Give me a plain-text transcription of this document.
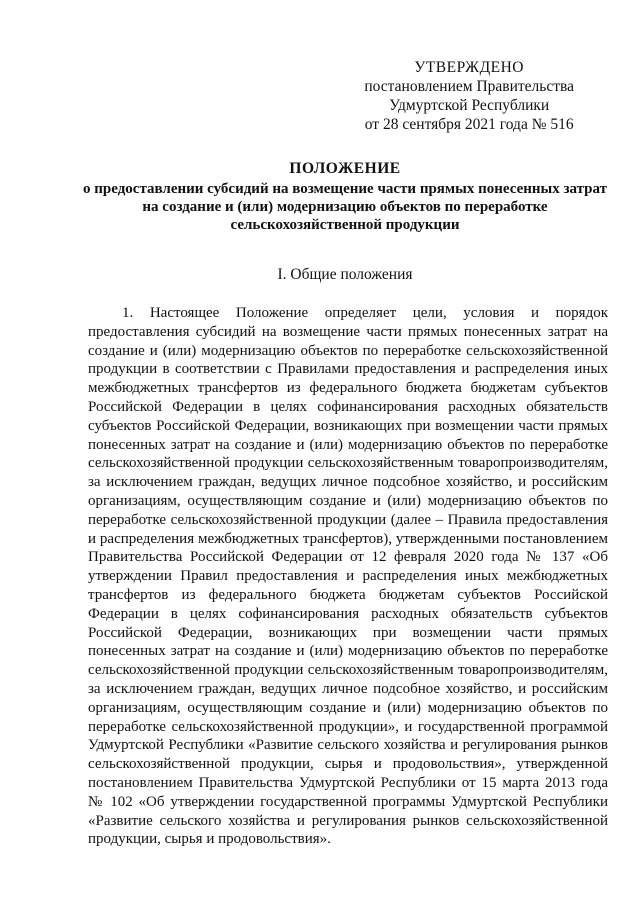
УТВЕРЖДЕНО
постановлением Правительства
Удмуртской Республики
от 28 сентября 2021 года № 516
ПОЛОЖЕНИЕ
о предоставлении субсидий на возмещение части прямых понесенных затрат на создание и (или) модернизацию объектов по переработке сельскохозяйственной продукции
I. Общие положения

1. Настоящее Положение определяет цели, условия и порядок предоставления субсидий на возмещение части прямых понесенных затрат на создание и (или) модернизацию объектов по переработке сельскохозяйственной продукции в соответствии с Правилами предоставления и распределения иных межбюджетных трансфертов из федерального бюджета бюджетам субъектов Российской Федерации в целях софинансирования расходных обязательств субъектов Российской Федерации, возникающих при возмещении части прямых понесенных затрат на создание и (или) модернизацию объектов по переработке сельскохозяйственной продукции сельскохозяйственным товаропроизводителям, за исключением граждан, ведущих личное подсобное хозяйство, и российским организациям, осуществляющим создание и (или) модернизацию объектов по переработке сельскохозяйственной продукции (далее – Правила предоставления и распределения межбюджетных трансфертов), утвержденными постановлением Правительства Российской Федерации от 12 февраля 2020 года № 137 «Об утверждении Правил предоставления и распределения иных межбюджетных трансфертов из федерального бюджета бюджетам субъектов Российской Федерации в целях софинансирования расходных обязательств субъектов Российской Федерации, возникающих при возмещении части прямых понесенных затрат на создание и (или) модернизацию объектов по переработке сельскохозяйственной продукции сельскохозяйственным товаропроизводителям, за исключением граждан, ведущих личное подсобное хозяйство, и российским организациям, осуществляющим создание и (или) модернизацию объектов по переработке сельскохозяйственной продукции», и государственной программой Удмуртской Республики «Развитие сельского хозяйства и регулирования рынков сельскохозяйственной продукции, сырья и продовольствия», утвержденной постановлением Правительства Удмуртской Республики от 15 марта 2013 года № 102 «Об утверждении государственной программы Удмуртской Республики «Развитие сельского хозяйства и регулирования рынков сельскохозяйственной продукции, сырья и продовольствия».
